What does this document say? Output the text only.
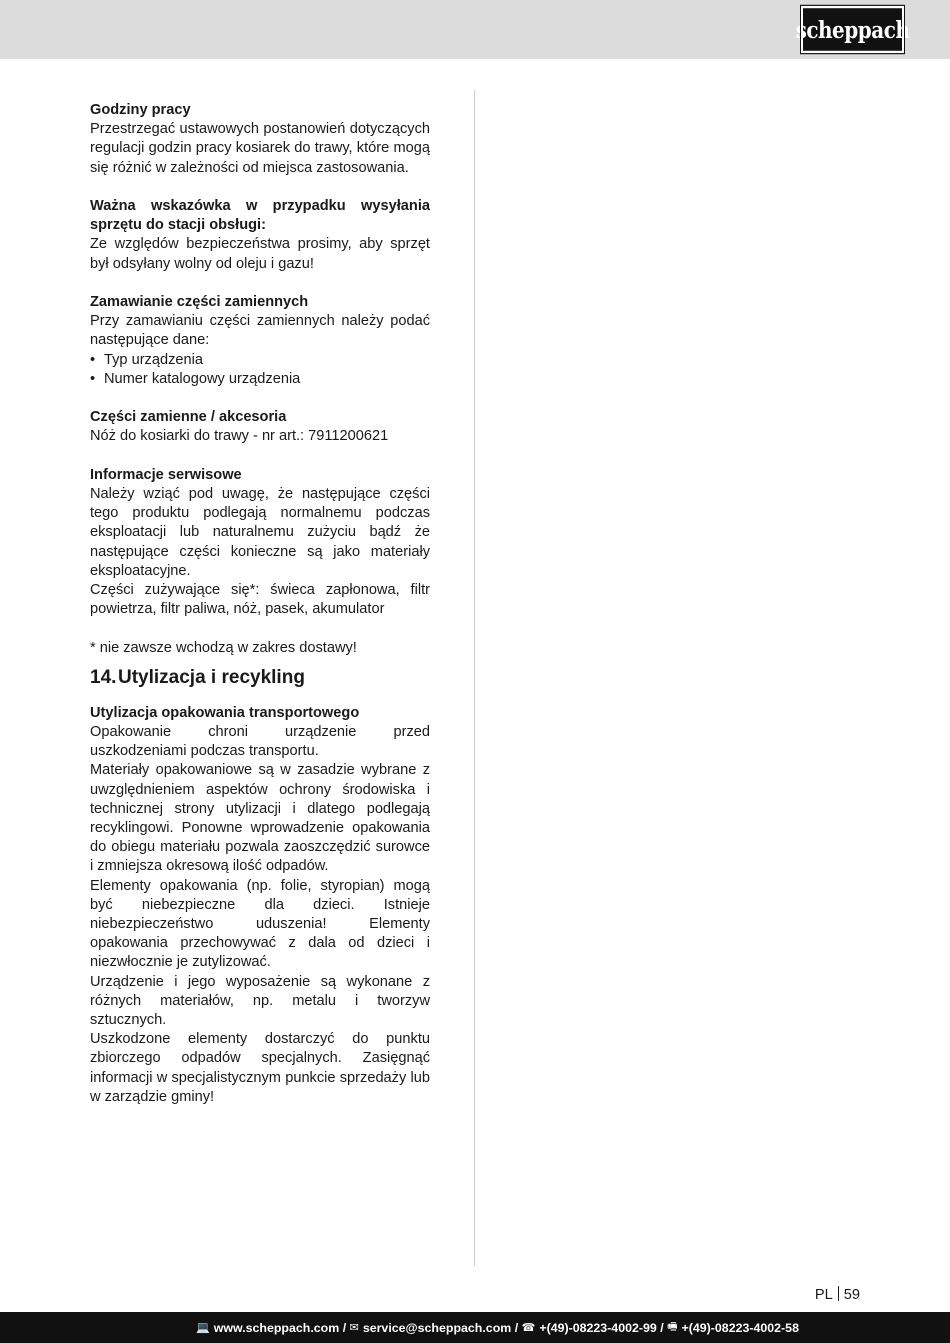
scheppach

Godziny pracy

Przestrzegać ustawowych postanowień dotyczących regulacji godzin pracy kosiarek do trawy, które mogą się różnić w zależności od miejsca zastosowania.

Ważna wskazówka w przypadku wysyłania sprzętu do stacji obsługi:

Ze względów bezpieczeństwa prosimy, aby sprzęt był odsyłany wolny od oleju i gazu!

Zamawianie części zamiennych

Przy zamawianiu części zamiennych należy podać następujące dane:

• Typ urządzenia
• Numer katalogowy urządzenia

Części zamienne / akcesoria

Nóż do kosiarki do trawy - nr art.: 7911200621

Informacje serwisowe

Należy wziąć pod uwagę, że następujące części tego produktu podlegają normalnemu podczas eksploatacji lub naturalnemu zużyciu bądź że następujące części konieczne są jako materiały eksploatacyjne.

Części zużywające się*: świeca zapłonowa, filtr powietrza, filtr paliwa, nóż, pasek, akumulator

* nie zawsze wchodzą w zakres dostawy!

14.Utylizacja i recykling

Utylizacja opakowania transportowego

Opakowanie chroni urządzenie przed uszkodzeniami podczas transportu.

Materiały opakowaniowe są w zasadzie wybrane z uwzględnieniem aspektów ochrony środowiska i technicznej strony utylizacji i dlatego podlegają recyklingowi. Ponowne wprowadzenie opakowania do obiegu materiału pozwala zaoszczędzić surowce i zmniejsza okresową ilość odpadów.

Elementy opakowania (np. folie, styropian) mogą być niebezpieczne dla dzieci. Istnieje niebezpieczeństwo uduszenia! Elementy opakowania przechowywać z dala od dzieci i niezwłocznie je zutylizować.

Urządzenie i jego wyposażenie są wykonane z różnych materiałów, np. metalu i tworzyw sztucznych.

Uszkodzone elementy dostarczyć do punktu zbiorczego odpadów specjalnych. Zasięgnąć informacji w specjalistycznym punkcie sprzedaży lub w zarządzie gminy!

PL 59
💻 www.scheppach.com /
✉ service@scheppach.com /
☎ +(49)-08223-4002-99 /
🖷 +(49)-08223-4002-58
